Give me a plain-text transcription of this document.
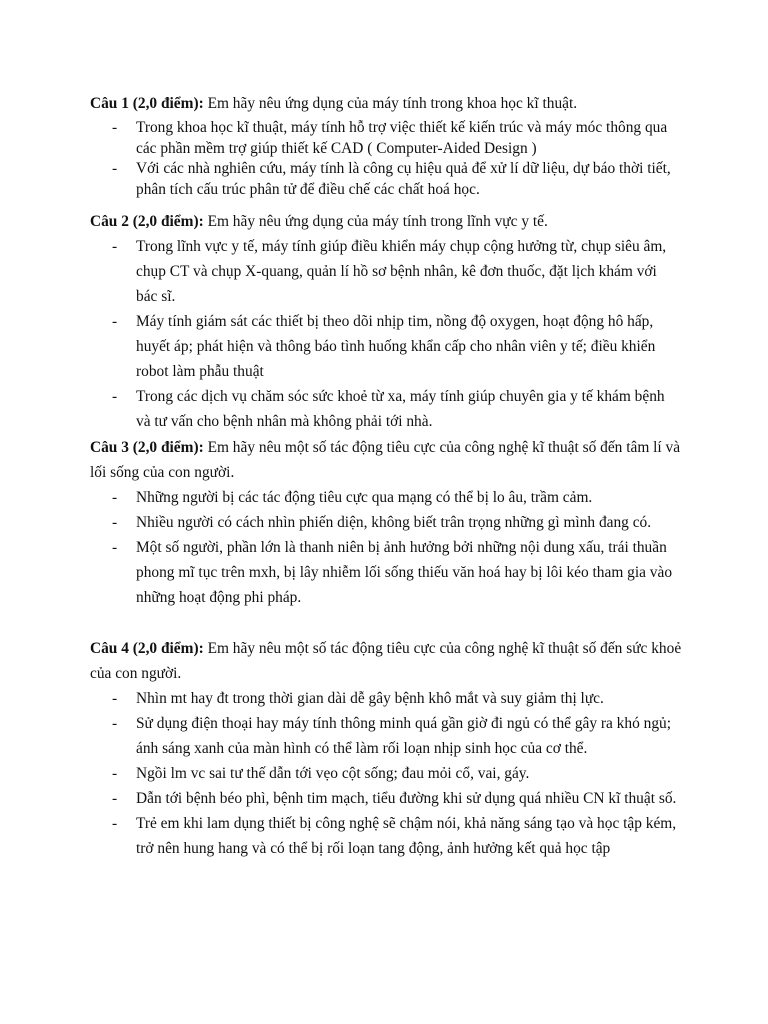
Câu 1 (2,0 điểm): Em hãy nêu ứng dụng của máy tính trong khoa học kĩ thuật.

- Trong khoa học kĩ thuật, máy tính hỗ trợ việc thiết kế kiến trúc và máy móc thông qua các phần mềm trợ giúp thiết kế CAD ( Computer-Aided Design )
- Với các nhà nghiên cứu, máy tính là công cụ hiệu quả để xử lí dữ liệu, dự báo thời tiết, phân tích cấu trúc phân tử để điều chế các chất hoá học.

Câu 2 (2,0 điểm): Em hãy nêu ứng dụng của máy tính trong lĩnh vực y tế.

- Trong lĩnh vực y tế, máy tính giúp điều khiển máy chụp cộng hưởng từ, chụp siêu âm, chụp CT và chụp X-quang, quản lí hồ sơ bệnh nhân, kê đơn thuốc, đặt lịch khám với bác sĩ.
- Máy tính giám sát các thiết bị theo dõi nhịp tim, nồng độ oxygen, hoạt động hô hấp, huyết áp; phát hiện và thông báo tình huống khẩn cấp cho nhân viên y tế; điều khiển robot làm phẫu thuật
- Trong các dịch vụ chăm sóc sức khoẻ từ xa, máy tính giúp chuyên gia y tế khám bệnh và tư vấn cho bệnh nhân mà không phải tới nhà.

Câu 3 (2,0 điểm): Em hãy nêu một số tác động tiêu cực của công nghệ kĩ thuật số đến tâm lí và lối sống của con người.

- Những người bị các tác động tiêu cực qua mạng có thể bị lo âu, trầm cảm.
- Nhiều người có cách nhìn phiến diện, không biết trân trọng những gì mình đang có.
- Một số người, phần lớn là thanh niên bị ảnh hưởng bởi những nội dung xấu, trái thuần phong mĩ tục trên mxh, bị lây nhiễm lối sống thiếu văn hoá hay bị lôi kéo tham gia vào những hoạt động phi pháp.

Câu 4 (2,0 điểm): Em hãy nêu một số tác động tiêu cực của công nghệ kĩ thuật số đến sức khoẻ của con người.

- Nhìn mt hay đt trong thời gian dài dễ gây bệnh khô mắt và suy giảm thị lực.
- Sử dụng điện thoại hay máy tính thông minh quá gần giờ đi ngủ có thể gây ra khó ngủ; ánh sáng xanh của màn hình có thể làm rối loạn nhịp sinh học của cơ thể.
- Ngồi lm vc sai tư thế dẫn tới vẹo cột sống; đau mỏi cổ, vai, gáy.
- Dẫn tới bệnh béo phì, bệnh tim mạch, tiểu đường khi sử dụng quá nhiều CN kĩ thuật số.
- Trẻ em khi lam dụng thiết bị công nghệ sẽ chậm nói, khả năng sáng tạo và học tập kém, trở nên hung hang và có thể bị rối loạn tang động, ảnh hưởng kết quả học tập
